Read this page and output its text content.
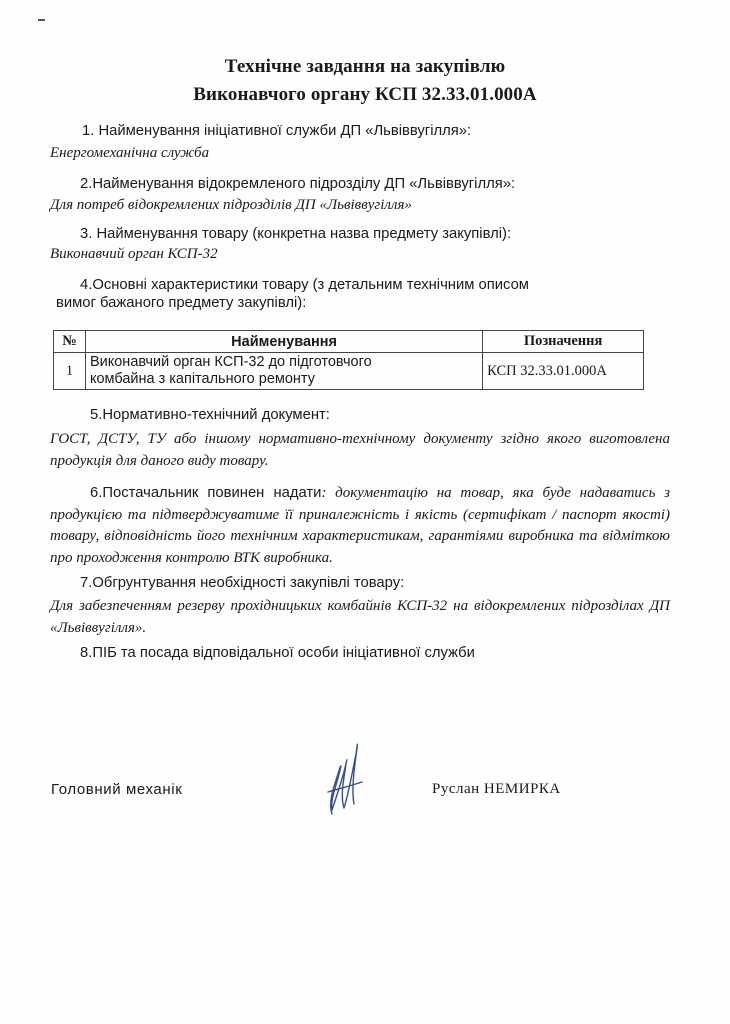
Технічне завдання на закупівлю
Виконавчого органу КСП 32.33.01.000А
1. Найменування ініціативної служби ДП «Львіввугілля»:
Енергомеханічна служба
2.Найменування відокремленого підрозділу ДП «Львіввугілля»:
Для потреб відокремлених підрозділів ДП «Львіввугілля»
3. Найменування товару (конкретна назва предмету закупівлі):
Виконавчий орган КСП-32
4.Основні характеристики товару (з детальним технічним описом
вимог бажаного предмету закупівлі):
№	Найменування	Позначення
1	Виконавчий орган КСП-32 до підготовчого
комбайна з капітального ремонту	КСП 32.33.01.000А
5.Нормативно-технічний документ:
ГОСТ, ДСТУ, ТУ або іншому нормативно-технічному документу згідно якого виготовлена продукція для даного виду товару.
6.Постачальник повинен надати: документацію на товар, яка буде надаватись з продукцією та підтверджуватиме її приналежність і якість (сертифікат / паспорт якості) товару, відповідність його технічним характеристикам, гарантіями виробника та відміткою про проходження контролю ВТК виробника.
7.Обгрунтування необхідності закупівлі товару:
Для забезпеченням резерву прохідницьких комбайнів КСП-32 на відокремлених підрозділах ДП «Львіввугілля».
8.ПІБ та посада відповідальної особи ініціативної служби
Головний механік	Руслан НЕМИРКА
